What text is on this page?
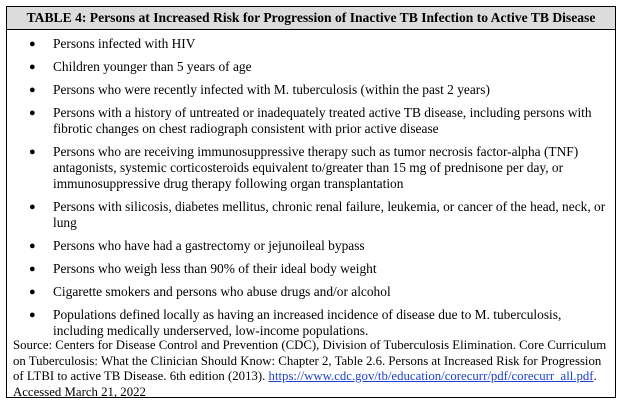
TABLE 4: Persons at Increased Risk for Progression of Inactive TB Infection to Active TB Disease
● Persons infected with HIV
● Children younger than 5 years of age
● Persons who were recently infected with M. tuberculosis (within the past 2 years)
● Persons with a history of untreated or inadequately treated active TB disease, including persons with fibrotic changes on chest radiograph consistent with prior active disease
● Persons who are receiving immunosuppressive therapy such as tumor necrosis factor-alpha (TNF) antagonists, systemic corticosteroids equivalent to/greater than 15 mg of prednisone per day, or immunosuppressive drug therapy following organ transplantation
● Persons with silicosis, diabetes mellitus, chronic renal failure, leukemia, or cancer of the head, neck, or lung
● Persons who have had a gastrectomy or jejunoileal bypass
● Persons who weigh less than 90% of their ideal body weight
● Cigarette smokers and persons who abuse drugs and/or alcohol
● Populations defined locally as having an increased incidence of disease due to M. tuberculosis, including medically underserved, low-income populations.
Source: Centers for Disease Control and Prevention (CDC), Division of Tuberculosis Elimination. Core Curriculum on Tuberculosis: What the Clinician Should Know: Chapter 2, Table 2.6. Persons at Increased Risk for Progression of LTBI to active TB Disease. 6th edition (2013). https://www.cdc.gov/tb/education/corecurr/pdf/corecurr_all.pdf. Accessed March 21, 2022
